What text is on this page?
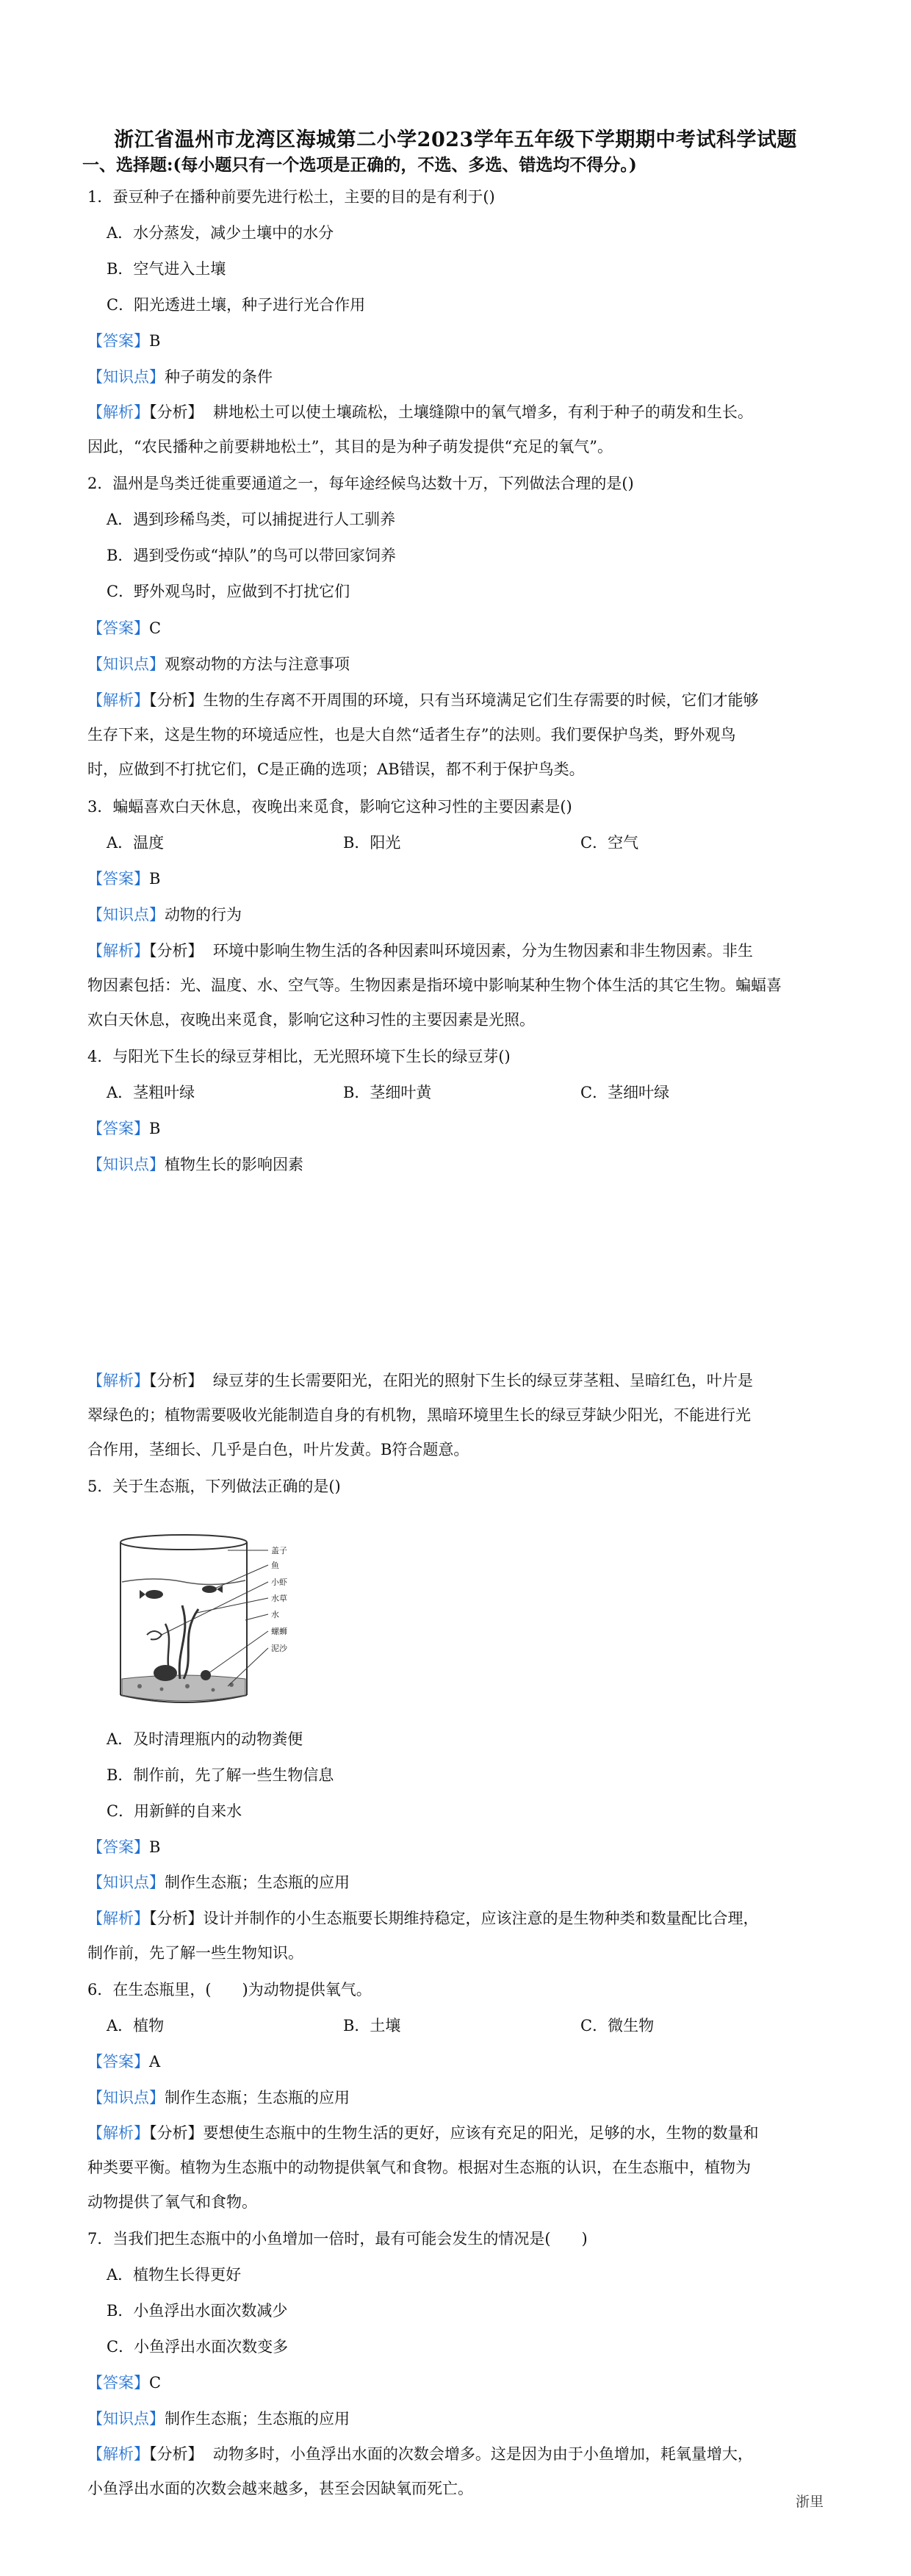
浙江省温州市龙湾区海城第二小学2023学年五年级下学期期中考试科学试题
一、选择题:(每小题只有一个选项是正确的，不选、多选、错选均不得分。)
1．蚕豆种子在播种前要先进行松土，主要的目的是有利于()
A．水分蒸发，减少土壤中的水分
B．空气进入土壤
C．阳光透进土壤，种子进行光合作用
【答案】B
【知识点】种子萌发的条件
【解析】【分析】 耕地松土可以使土壤疏松，土壤缝隙中的氧气增多，有利于种子的萌发和生长。
因此，“农民播种之前要耕地松土”，其目的是为种子萌发提供“充足的氧气”。
2．温州是鸟类迁徙重要通道之一，每年途经候鸟达数十万，下列做法合理的是()
A．遇到珍稀鸟类，可以捕捉进行人工驯养
B．遇到受伤或“掉队”的鸟可以带回家饲养
C．野外观鸟时，应做到不打扰它们
【答案】C
【知识点】观察动物的方法与注意事项
【解析】【分析】生物的生存离不开周围的环境，只有当环境满足它们生存需要的时候，它们才能够
生存下来，这是生物的环境适应性，也是大自然“适者生存”的法则。我们要保护鸟类，野外观鸟
时，应做到不打扰它们，C是正确的选项；AB错误，都不利于保护鸟类。
3．蝙蝠喜欢白天休息，夜晚出来觅食，影响它这种习性的主要因素是()
A．温度	B．阳光	C．空气
【答案】B
【知识点】动物的行为
【解析】【分析】 环境中影响生物生活的各种因素叫环境因素，分为生物因素和非生物因素。非生
物因素包括：光、温度、水、空气等。生物因素是指环境中影响某种生物个体生活的其它生物。蝙蝠喜
欢白天休息，夜晚出来觅食，影响它这种习性的主要因素是光照。
4．与阳光下生长的绿豆芽相比，无光照环境下生长的绿豆芽()
A．茎粗叶绿	B．茎细叶黄	C．茎细叶绿
【答案】B
【知识点】植物生长的影响因素
【解析】【分析】 绿豆芽的生长需要阳光，在阳光的照射下生长的绿豆芽茎粗、呈暗红色，叶片是
翠绿色的；植物需要吸收光能制造自身的有机物，黑暗环境里生长的绿豆芽缺少阳光，不能进行光
合作用，茎细长、几乎是白色，叶片发黄。B符合题意。
5．关于生态瓶，下列做法正确的是()
盖子
鱼
小虾
水草
水
螺蛳
泥沙
A．及时清理瓶内的动物粪便
B．制作前，先了解一些生物信息
C．用新鲜的自来水
【答案】B
【知识点】制作生态瓶；生态瓶的应用
【解析】【分析】设计并制作的小生态瓶要长期维持稳定，应该注意的是生物种类和数量配比合理，
制作前，先了解一些生物知识。
6．在生态瓶里，(　　)为动物提供氧气。
A．植物	B．土壤	C．微生物
【答案】A
【知识点】制作生态瓶；生态瓶的应用
【解析】【分析】要想使生态瓶中的生物生活的更好，应该有充足的阳光，足够的水，生物的数量和
种类要平衡。植物为生态瓶中的动物提供氧气和食物。根据对生态瓶的认识，在生态瓶中，植物为
动物提供了氧气和食物。
7．当我们把生态瓶中的小鱼增加一倍时，最有可能会发生的情况是(　　)
A．植物生长得更好
B．小鱼浮出水面次数减少
C．小鱼浮出水面次数变多
【答案】C
【知识点】制作生态瓶；生态瓶的应用
【解析】【分析】 动物多时，小鱼浮出水面的次数会增多。这是因为由于小鱼增加，耗氧量增大，
小鱼浮出水面的次数会越来越多，甚至会因缺氧而死亡。
浙里
